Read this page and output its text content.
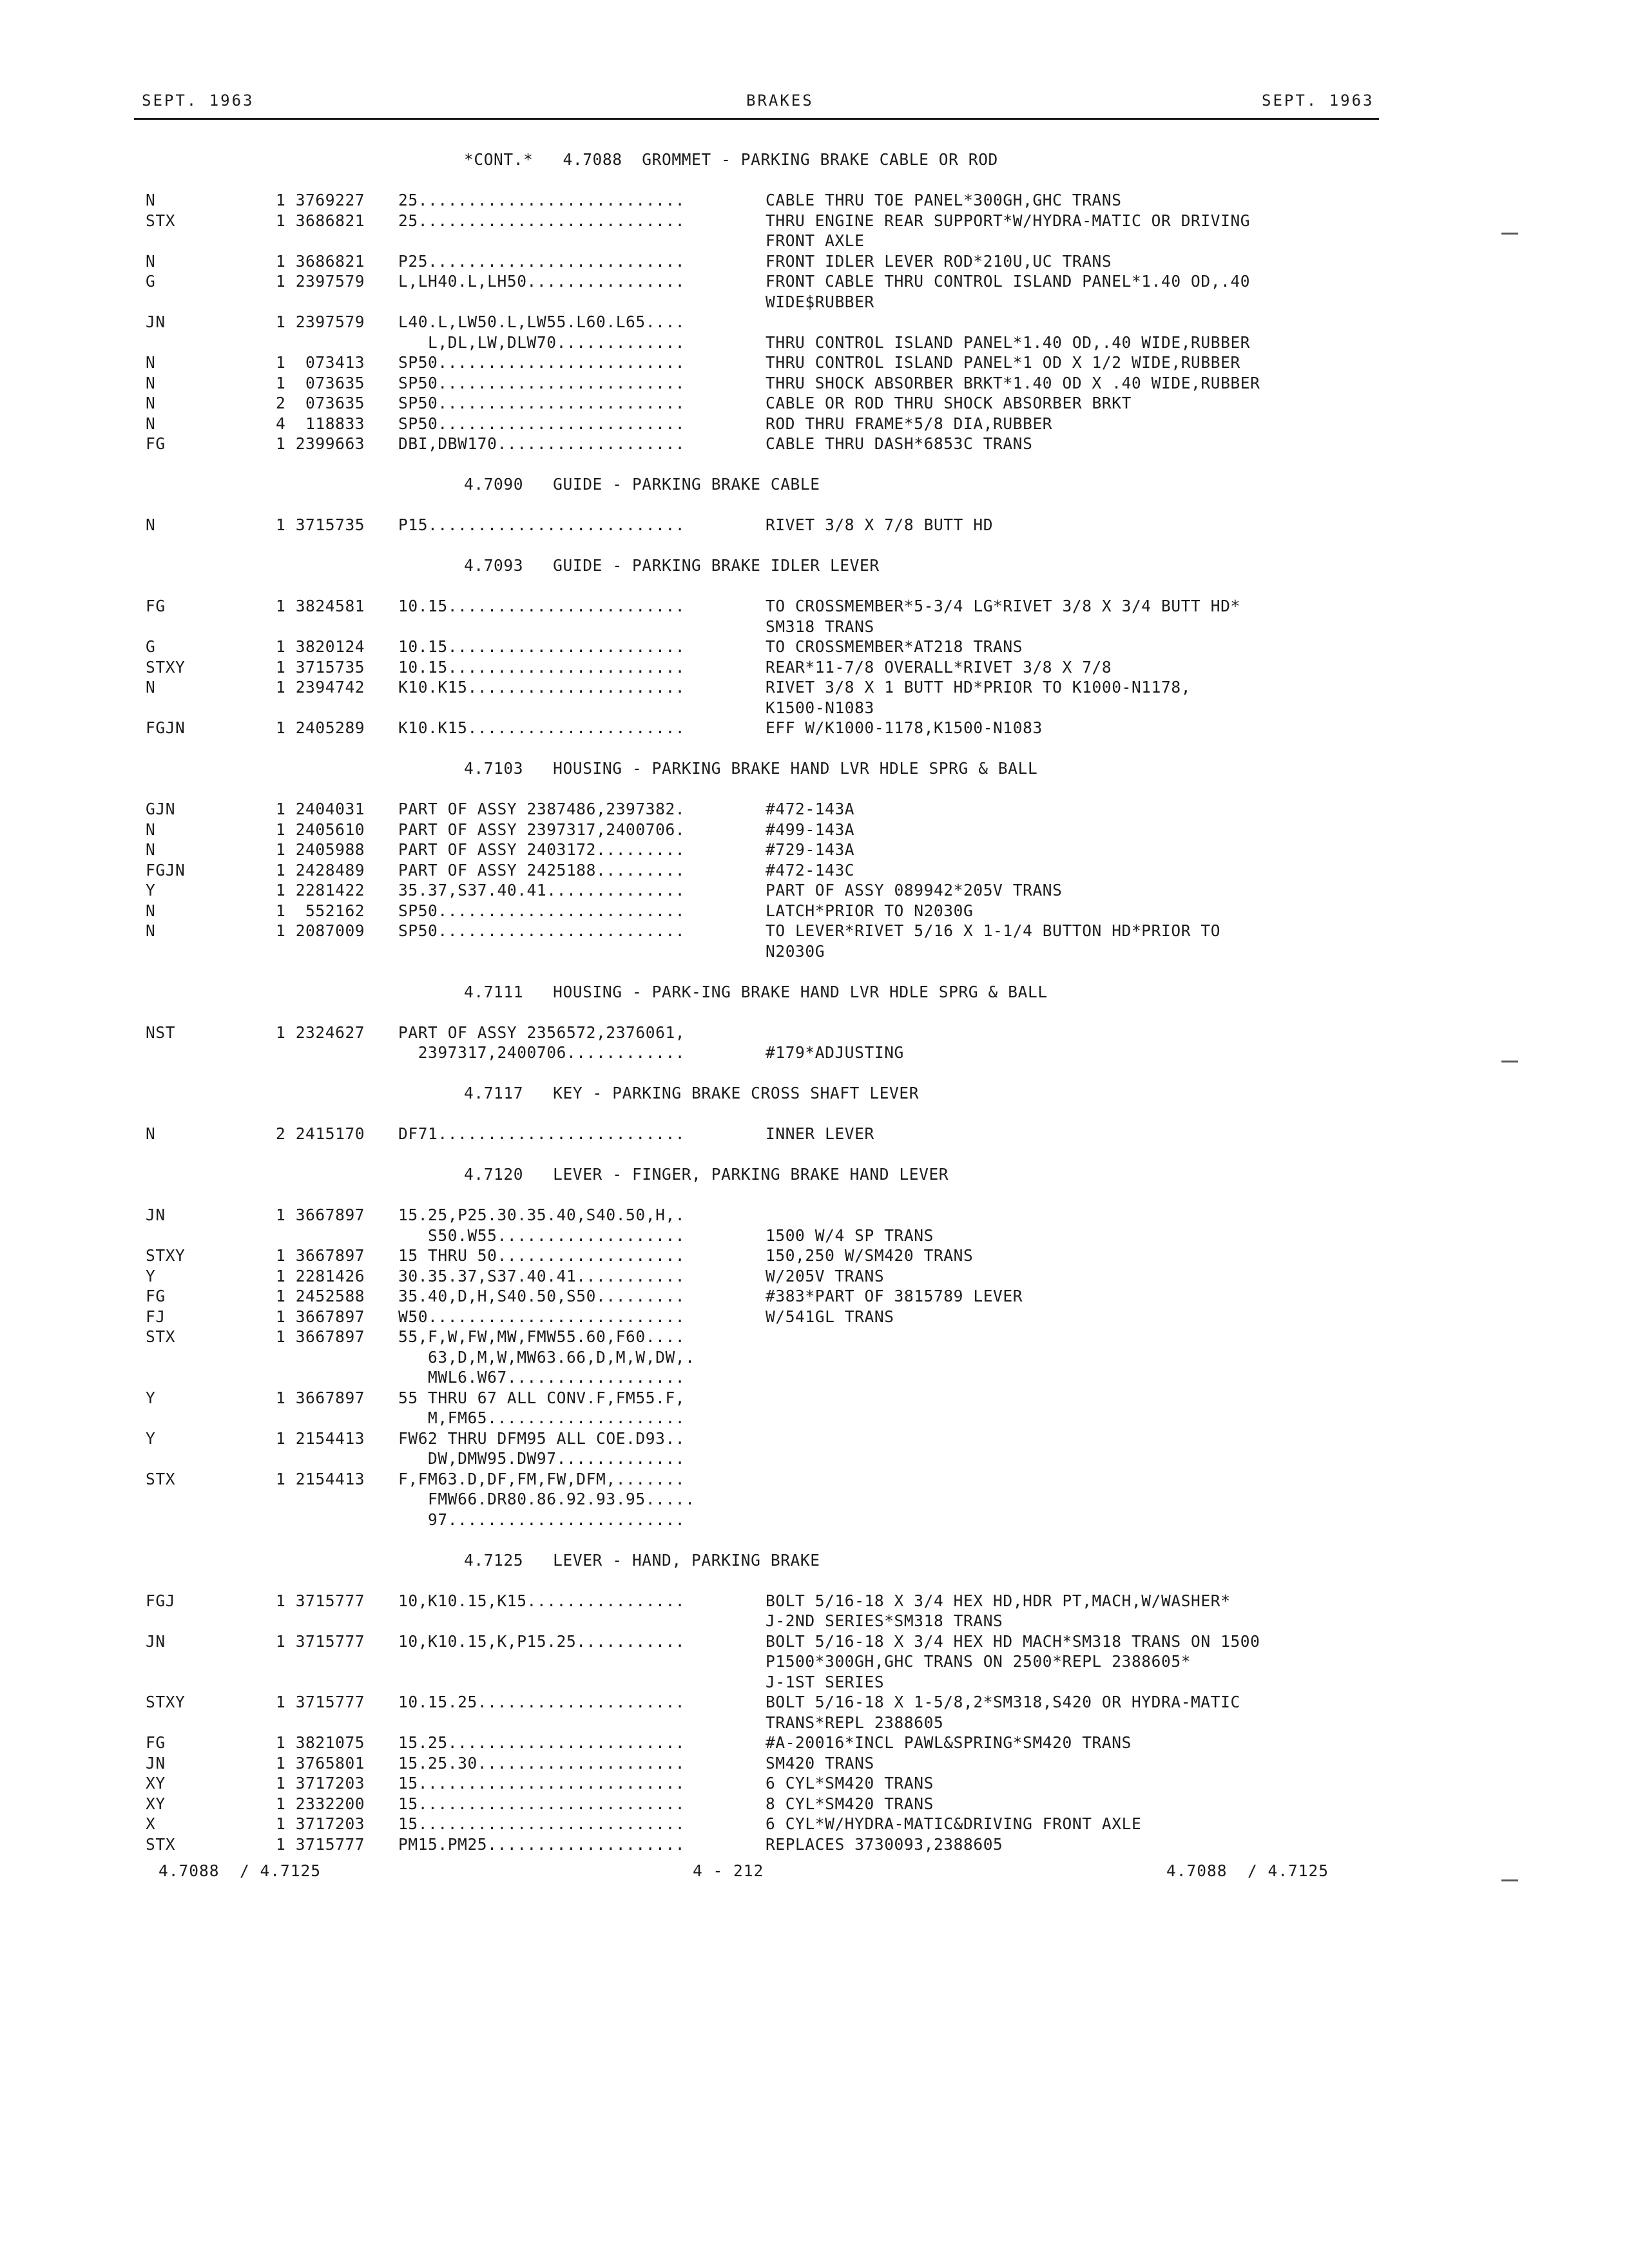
SEPT. 1963	BRAKES	SEPT. 1963
*CONT.*   4.7088  GROMMET - PARKING BRAKE CABLE OR ROD
N	1 3769227 25...........................	CABLE THRU TOE PANEL*300GH,GHC TRANS
STX	1 3686821 25...........................	THRU ENGINE REAR SUPPORT*W/HYDRA-MATIC OR DRIVING
FRONT AXLE
N	1 3686821 P25..........................	FRONT IDLER LEVER ROD*210U,UC TRANS
G	1 2397579 L,LH40.L,LH50................	FRONT CABLE THRU CONTROL ISLAND PANEL*1.40 OD,.40
WIDE$RUBBER
JN	1 2397579 L40.L,LW50.L,LW55.L60.L65....
L,DL,LW,DLW70.............	THRU CONTROL ISLAND PANEL*1.40 OD,.40 WIDE,RUBBER
N	1  073413 SP50.........................	THRU CONTROL ISLAND PANEL*1 OD X 1/2 WIDE,RUBBER
N	1  073635 SP50.........................	THRU SHOCK ABSORBER BRKT*1.40 OD X .40 WIDE,RUBBER
N	2  073635 SP50.........................	CABLE OR ROD THRU SHOCK ABSORBER BRKT
N	4  118833 SP50.........................	ROD THRU FRAME*5/8 DIA,RUBBER
FG	1 2399663 DBI,DBW170...................	CABLE THRU DASH*6853C TRANS
4.7090   GUIDE - PARKING BRAKE CABLE
N	1 3715735 P15..........................	RIVET 3/8 X 7/8 BUTT HD
4.7093   GUIDE - PARKING BRAKE IDLER LEVER
FG	1 3824581 10.15........................	TO CROSSMEMBER*5-3/4 LG*RIVET 3/8 X 3/4 BUTT HD*
SM318 TRANS
G	1 3820124 10.15........................	TO CROSSMEMBER*AT218 TRANS
STXY	1 3715735 10.15........................	REAR*11-7/8 OVERALL*RIVET 3/8 X 7/8
N	1 2394742 K10.K15......................	RIVET 3/8 X 1 BUTT HD*PRIOR TO K1000-N1178,
K1500-N1083
FGJN	1 2405289 K10.K15......................	EFF W/K1000-1178,K1500-N1083
4.7103   HOUSING - PARKING BRAKE HAND LVR HDLE SPRG & BALL
GJN	1 2404031 PART OF ASSY 2387486,2397382.	#472-143A
N	1 2405610 PART OF ASSY 2397317,2400706.	#499-143A
N	1 2405988 PART OF ASSY 2403172.........	#729-143A
FGJN	1 2428489 PART OF ASSY 2425188.........	#472-143C
Y	1 2281422 35.37,S37.40.41..............	PART OF ASSY 089942*205V TRANS
N	1  552162 SP50.........................	LATCH*PRIOR TO N2030G
N	1 2087009 SP50.........................	TO LEVER*RIVET 5/16 X 1-1/4 BUTTON HD*PRIOR TO
N2030G
4.7111   HOUSING - PARK-ING BRAKE HAND LVR HDLE SPRG & BALL
NST	1 2324627 PART OF ASSY 2356572,2376061,
2397317,2400706............	#179*ADJUSTING
4.7117   KEY - PARKING BRAKE CROSS SHAFT LEVER
N	2 2415170 DF71.........................	INNER LEVER
4.7120   LEVER - FINGER, PARKING BRAKE HAND LEVER
JN	1 3667897 15.25,P25.30.35.40,S40.50,H,.
S50.W55...................	1500 W/4 SP TRANS
STXY	1 3667897 15 THRU 50...................	150,250 W/SM420 TRANS
Y	1 2281426 30.35.37,S37.40.41...........	W/205V TRANS
FG	1 2452588 35.40,D,H,S40.50,S50.........	#383*PART OF 3815789 LEVER
FJ	1 3667897 W50..........................	W/541GL TRANS
STX	1 3667897 55,F,W,FW,MW,FMW55.60,F60....
63,D,M,W,MW63.66,D,M,W,DW,.
MWL6.W67..................
Y	1 3667897 55 THRU 67 ALL CONV.F,FM55.F,
M,FM65....................
Y	1 2154413 FW62 THRU DFM95 ALL COE.D93..
DW,DMW95.DW97.............
STX	1 2154413 F,FM63.D,DF,FM,FW,DFM,.......
FMW66.DR80.86.92.93.95.....
97........................
4.7125   LEVER - HAND, PARKING BRAKE
FGJ	1 3715777 10,K10.15,K15................	BOLT 5/16-18 X 3/4 HEX HD,HDR PT,MACH,W/WASHER*
J-2ND SERIES*SM318 TRANS
JN	1 3715777 10,K10.15,K,P15.25...........	BOLT 5/16-18 X 3/4 HEX HD MACH*SM318 TRANS ON 1500
P1500*300GH,GHC TRANS ON 2500*REPL 2388605*
J-1ST SERIES
STXY	1 3715777 10.15.25.....................	BOLT 5/16-18 X 1-5/8,2*SM318,S420 OR HYDRA-MATIC
TRANS*REPL 2388605
FG	1 3821075 15.25........................	#A-20016*INCL PAWL&SPRING*SM420 TRANS
JN	1 3765801 15.25.30.....................	SM420 TRANS
XY	1 3717203 15...........................	6 CYL*SM420 TRANS
XY	1 2332200 15...........................	8 CYL*SM420 TRANS
X	1 3717203 15...........................	6 CYL*W/HYDRA-MATIC&DRIVING FRONT AXLE
STX	1 3715777 PM15.PM25....................	REPLACES 3730093,2388605
4.7088  / 4.7125	4 - 212	4.7088  / 4.7125
